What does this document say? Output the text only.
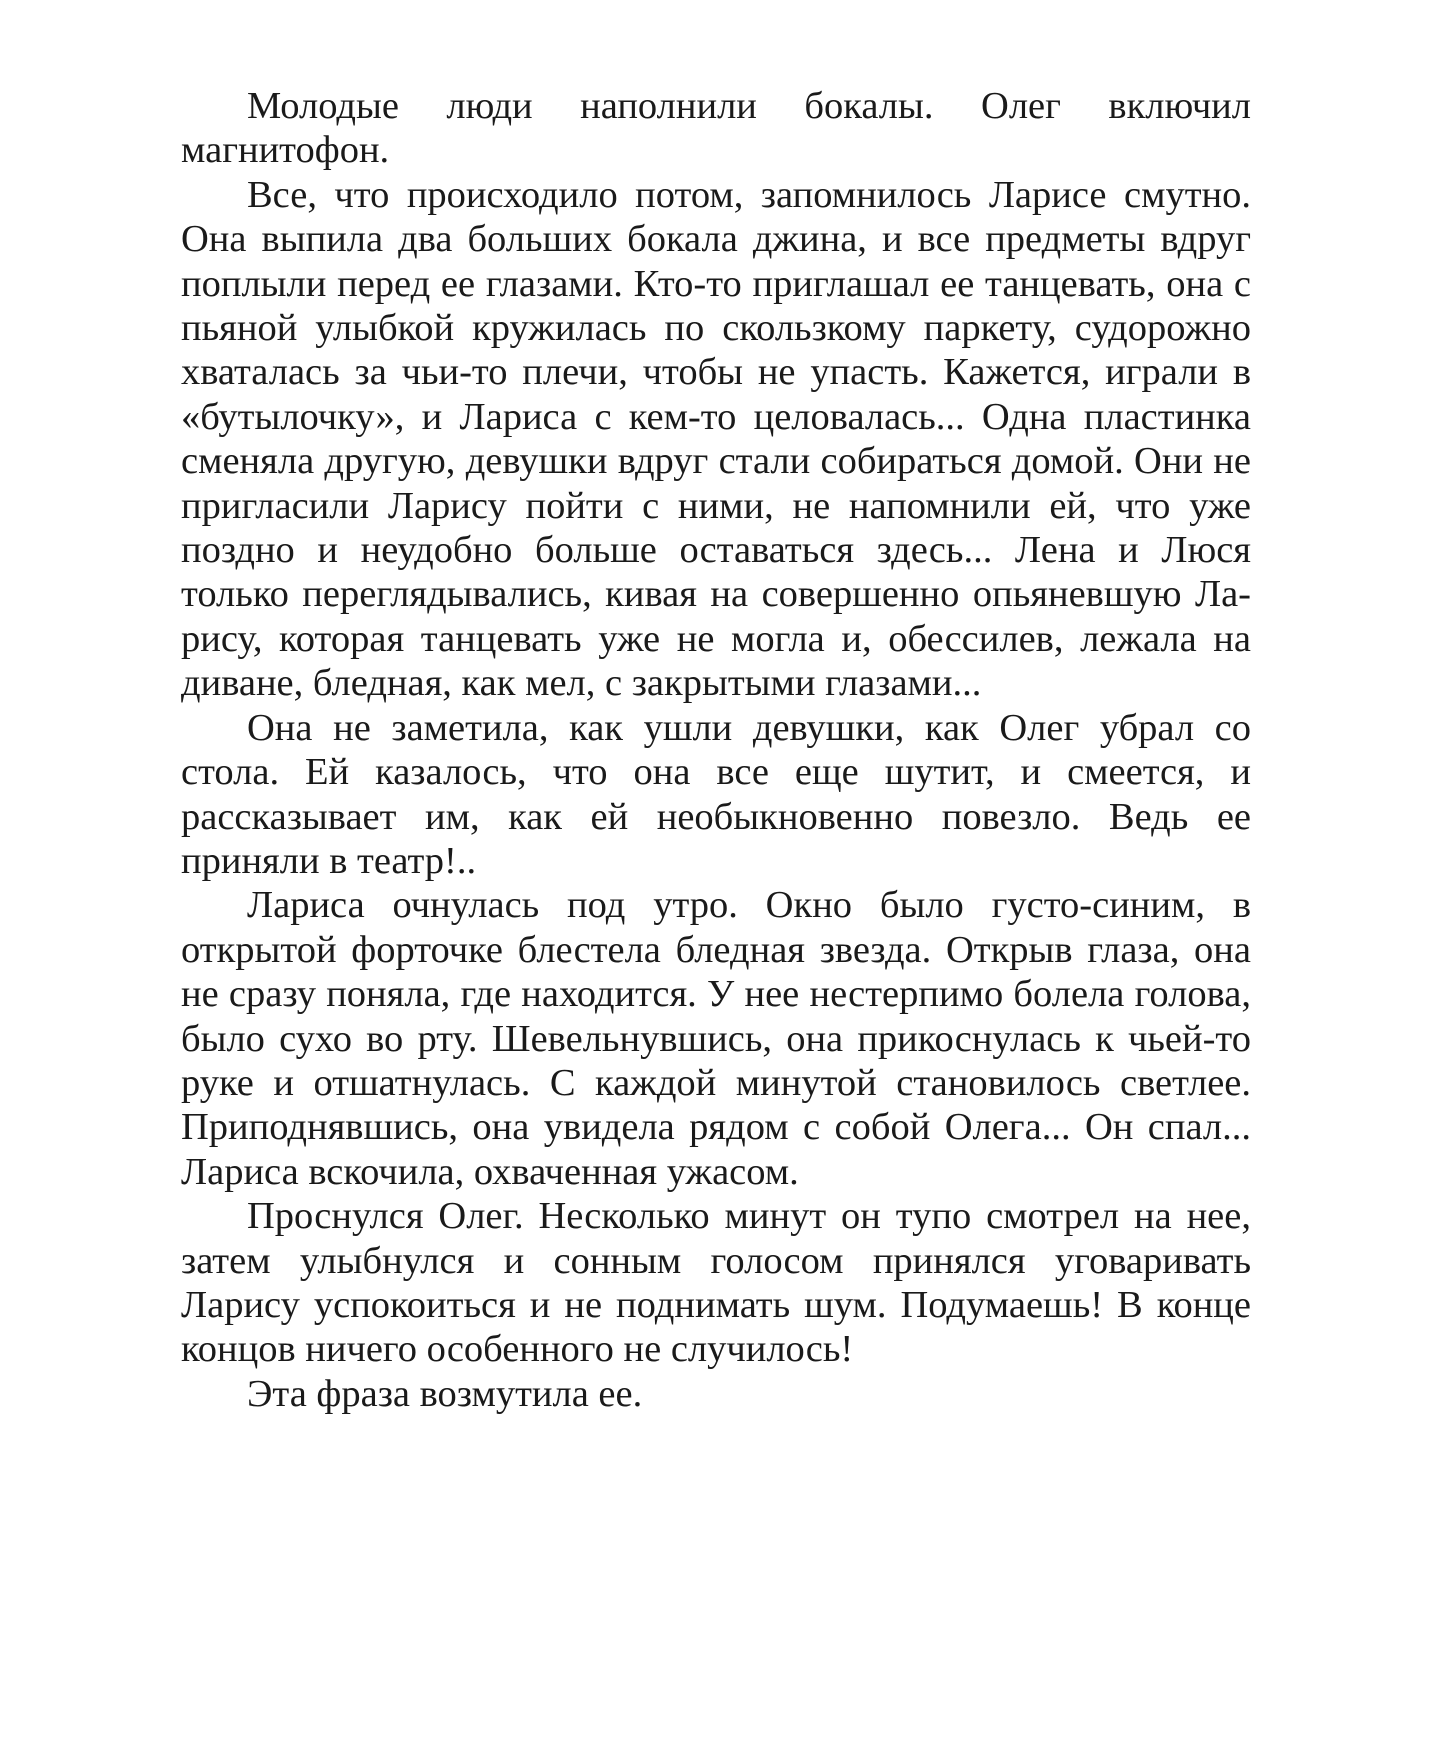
Молодые люди наполнили бокалы. Олег включил магнитофон.

Все, что происходило потом, запомнилось Ларисе смутно. Она выпила два больших бокала джина, и все предметы вдруг поплыли перед ее глазами. Кто-то приглашал ее танцевать, она с пьяной улыбкой кружилась по скользкому паркету, судорожно хваталась за чьи-то плечи, чтобы не упасть. Кажется, играли в «бутылочку», и Лариса с кем-то целовалась... Одна пластинка сменяла другую, девушки вдруг стали собираться домой. Они не пригласили Ларису пойти с ними, не напомнили ей, что уже поздно и неудобно больше оставаться здесь... Лена и Люся только переглядывались, кивая на совершенно опьяневшую Ларису, которая танцевать уже не могла и, обессилев, лежала на диване, бледная, как мел, с закрытыми глазами...

Она не заметила, как ушли девушки, как Олег убрал со стола. Ей казалось, что она все еще шутит, и смеется, и рассказывает им, как ей необыкновенно повезло. Ведь ее приняли в театр!..

Лариса очнулась под утро. Окно было густо-синим, в открытой форточке блестела бледная звезда. Открыв глаза, она не сразу поняла, где находится. У нее нестерпимо болела голова, было сухо во рту. Шевельнувшись, она прикоснулась к чьей-то руке и отшатнулась. С каждой минутой становилось светлее. Приподнявшись, она увидела рядом с собой Олега... Он спал... Лариса вскочила, охваченная ужасом.

Проснулся Олег. Несколько минут он тупо смотрел на нее, затем улыбнулся и сонным голосом принялся уговаривать Ларису успокоиться и не поднимать шум. Подумаешь! В конце концов ничего особенного не случилось!

Эта фраза возмутила ее.
